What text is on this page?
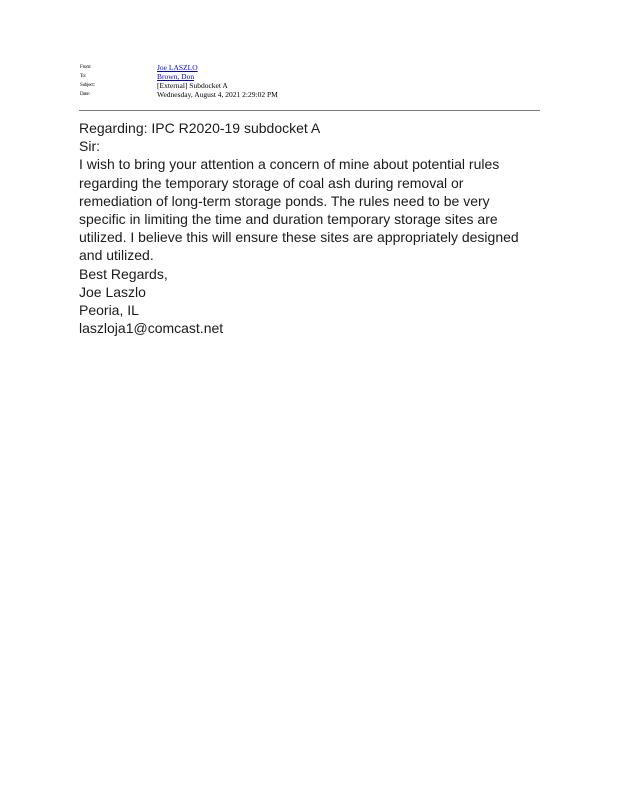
From:	Joe LASZLO
To:	Brown, Don
Subject:	[External] Subdocket A
Date:	Wednesday, August 4, 2021 2:29:02 PM
Regarding: IPC R2020-19 subdocket A
Sir:
I wish to bring your attention a concern of mine about potential rules regarding the temporary storage of coal ash during removal or remediation of long-term storage ponds. The rules need to be very specific in limiting the time and duration temporary storage sites are utilized. I believe this will ensure these sites are appropriately designed and utilized.
Best Regards,
Joe Laszlo
Peoria, IL
laszloja1@comcast.net
